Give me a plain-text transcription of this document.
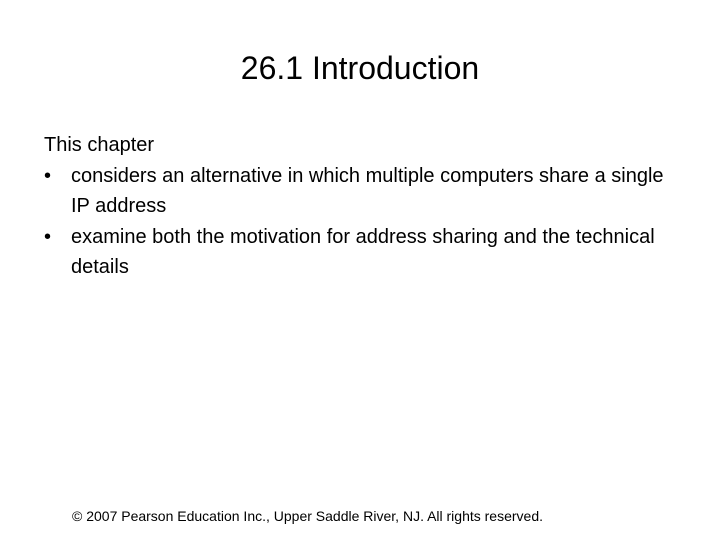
26.1 Introduction

This chapter

• considers an alternative in which multiple computers share a single IP address
• examine both the motivation for address sharing and the technical details
© 2007 Pearson Education Inc., Upper Saddle River, NJ. All rights reserved.
